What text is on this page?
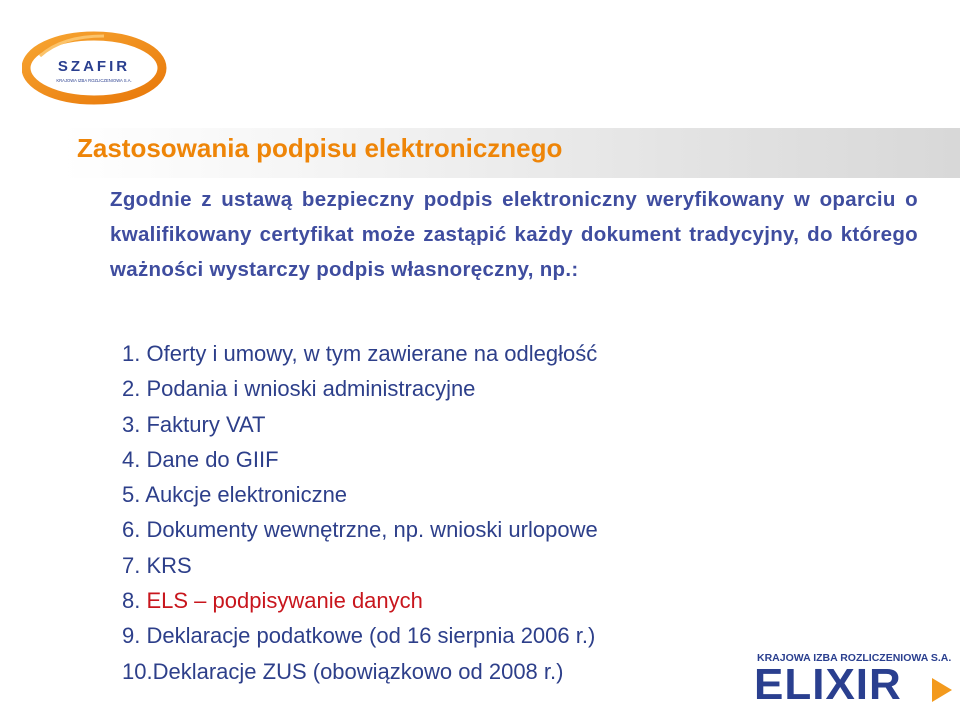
SZAFIR
KRAJOWA IZBA ROZLICZENIOWA S.A.
Zastosowania podpisu elektronicznego

Zgodnie z ustawą bezpieczny podpis elektroniczny weryfikowany w oparciu o kwalifikowany certyfikat może zastąpić każdy dokument tradycyjny, do którego ważności wystarczy podpis własnoręczny, np.:

1. Oferty i umowy, w tym zawierane na odległość
2. Podania i wnioski administracyjne
3. Faktury VAT
4. Dane do GIIF
5. Aukcje elektroniczne
6. Dokumenty wewnętrzne, np. wnioski urlopowe
7. KRS
8. ELS – podpisywanie danych
9. Deklaracje podatkowe (od 16 sierpnia 2006 r.)
10.Deklaracje ZUS (obowiązkowo od 2008 r.)
KRAJOWA IZBA ROZLICZENIOWA S.A.
ELIXIR
